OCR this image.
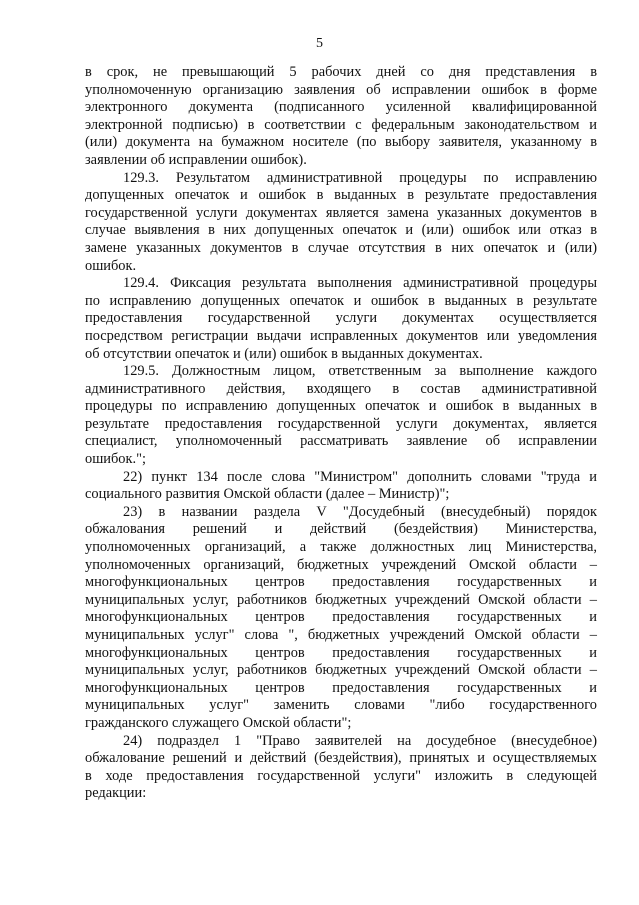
5
в срок, не превышающий 5 рабочих дней со дня представления в
уполномоченную организацию заявления об исправлении ошибок в форме
электронного документа (подписанного усиленной квалифицированной
электронной подписью) в соответствии с федеральным законодательством и
(или) документа на бумажном носителе (по выбору заявителя, указанному в
заявлении об исправлении ошибок).
129.3. Результатом административной процедуры по исправлению
допущенных опечаток и ошибок в выданных в результате предоставления
государственной услуги документах является замена указанных документов в
случае выявления в них допущенных опечаток и (или) ошибок или отказ в
замене указанных документов в случае отсутствия в них опечаток и (или)
ошибок.
129.4. Фиксация результата выполнения административной процедуры
по исправлению допущенных опечаток и ошибок в выданных в результате
предоставления государственной услуги документах осуществляется
посредством регистрации выдачи исправленных документов или уведомления
об отсутствии опечаток и (или) ошибок в выданных документах.
129.5. Должностным лицом, ответственным за выполнение каждого
административного действия, входящего в состав административной
процедуры по исправлению допущенных опечаток и ошибок в выданных в
результате предоставления государственной услуги документах, является
специалист, уполномоченный рассматривать заявление об исправлении
ошибок.";
22) пункт 134 после слова "Министром" дополнить словами "труда и
социального развития Омской области (далее – Министр)";
23) в названии раздела V "Досудебный (внесудебный) порядок
обжалования решений и действий (бездействия) Министерства,
уполномоченных организаций, а также должностных лиц Министерства,
уполномоченных организаций, бюджетных учреждений Омской области –
многофункциональных центров предоставления государственных и
муниципальных услуг, работников бюджетных учреждений Омской области –
многофункциональных центров предоставления государственных и
муниципальных услуг" слова ", бюджетных учреждений Омской области –
многофункциональных центров предоставления государственных и
муниципальных услуг, работников бюджетных учреждений Омской области –
многофункциональных центров предоставления государственных и
муниципальных услуг" заменить словами "либо государственного
гражданского служащего Омской области";
24) подраздел 1 "Право заявителей на досудебное (внесудебное)
обжалование решений и действий (бездействия), принятых и осуществляемых
в ходе предоставления государственной услуги" изложить в следующей
редакции:
